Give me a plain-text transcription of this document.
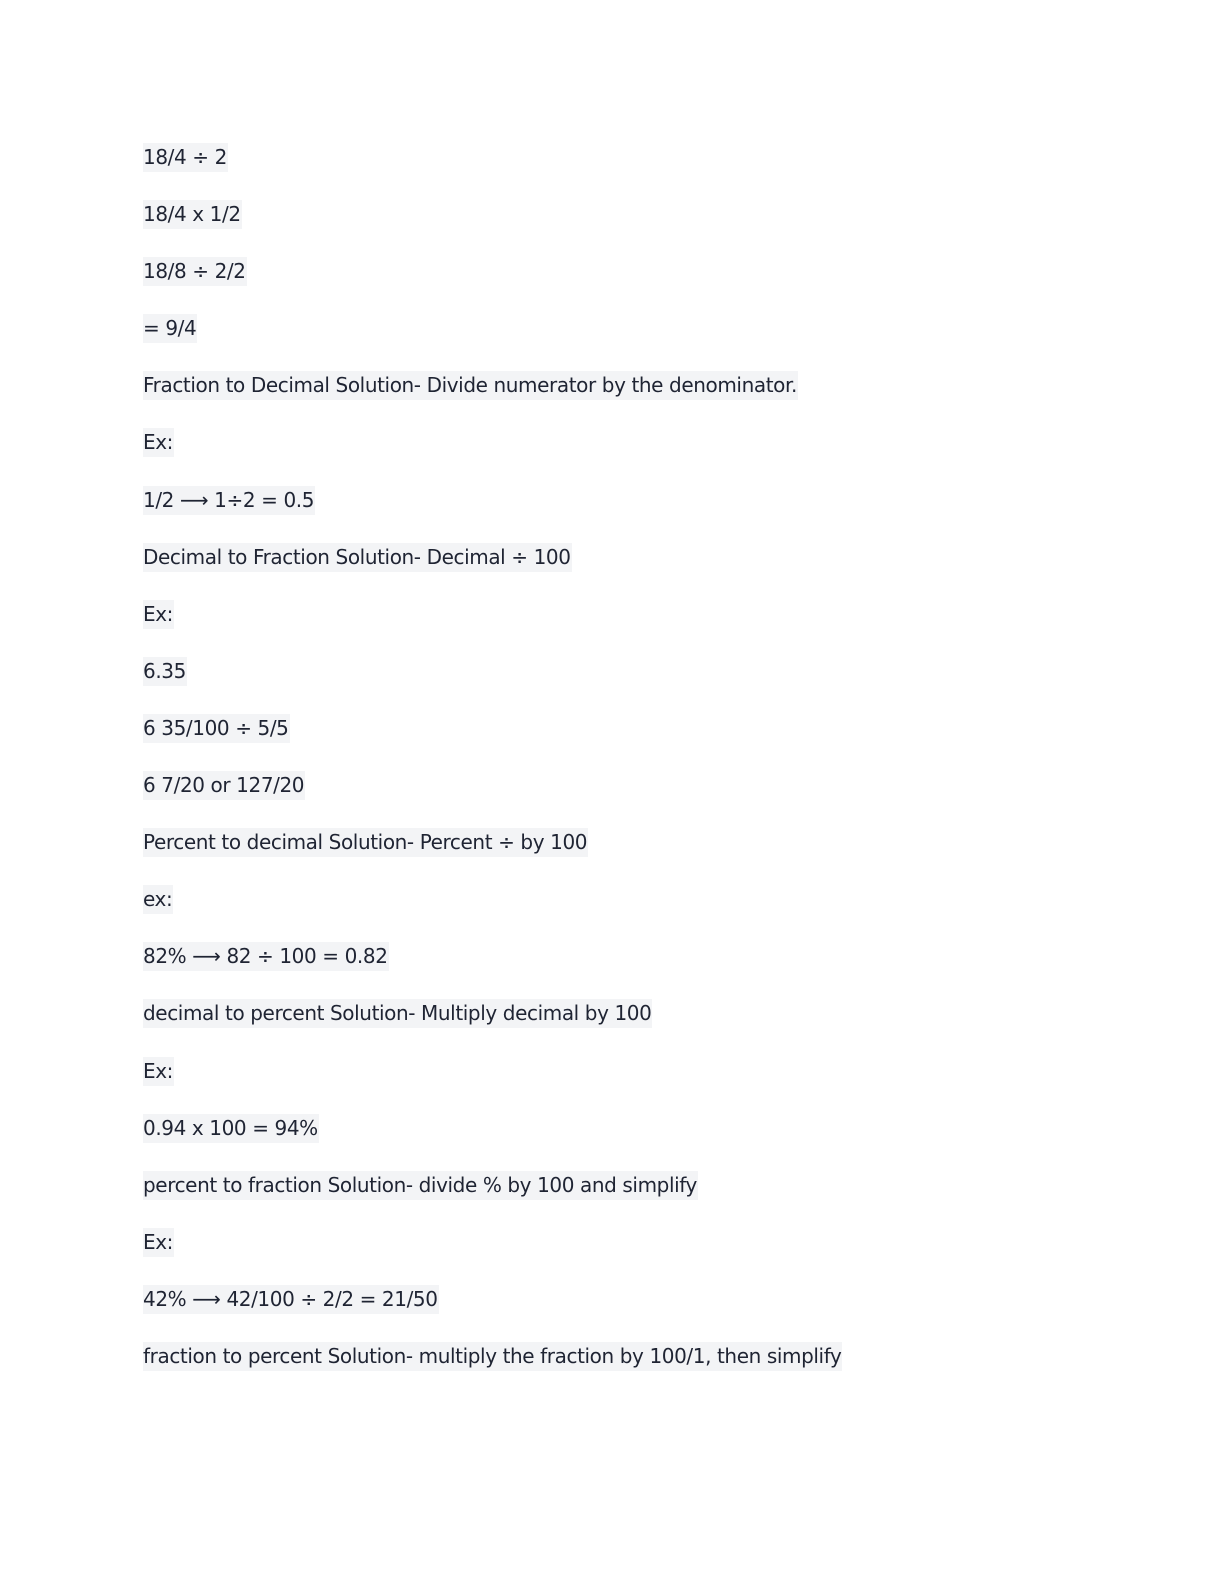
18/4 ÷ 2
18/4 x 1/2
18/8 ÷ 2/2
= 9/4
Fraction to Decimal Solution- Divide numerator by the denominator.
Ex:
1/2 ⟶ 1÷2 = 0.5
Decimal to Fraction Solution- Decimal ÷ 100
Ex:
6.35
6 35/100 ÷ 5/5
6 7/20 or 127/20
Percent to decimal Solution- Percent ÷ by 100
ex:
82% ⟶ 82 ÷ 100 = 0.82
decimal to percent Solution- Multiply decimal by 100
Ex:
0.94 x 100 = 94%
percent to fraction Solution- divide % by 100 and simplify
Ex:
42% ⟶ 42/100 ÷ 2/2 = 21/50
fraction to percent Solution- multiply the fraction by 100/1, then simplify
